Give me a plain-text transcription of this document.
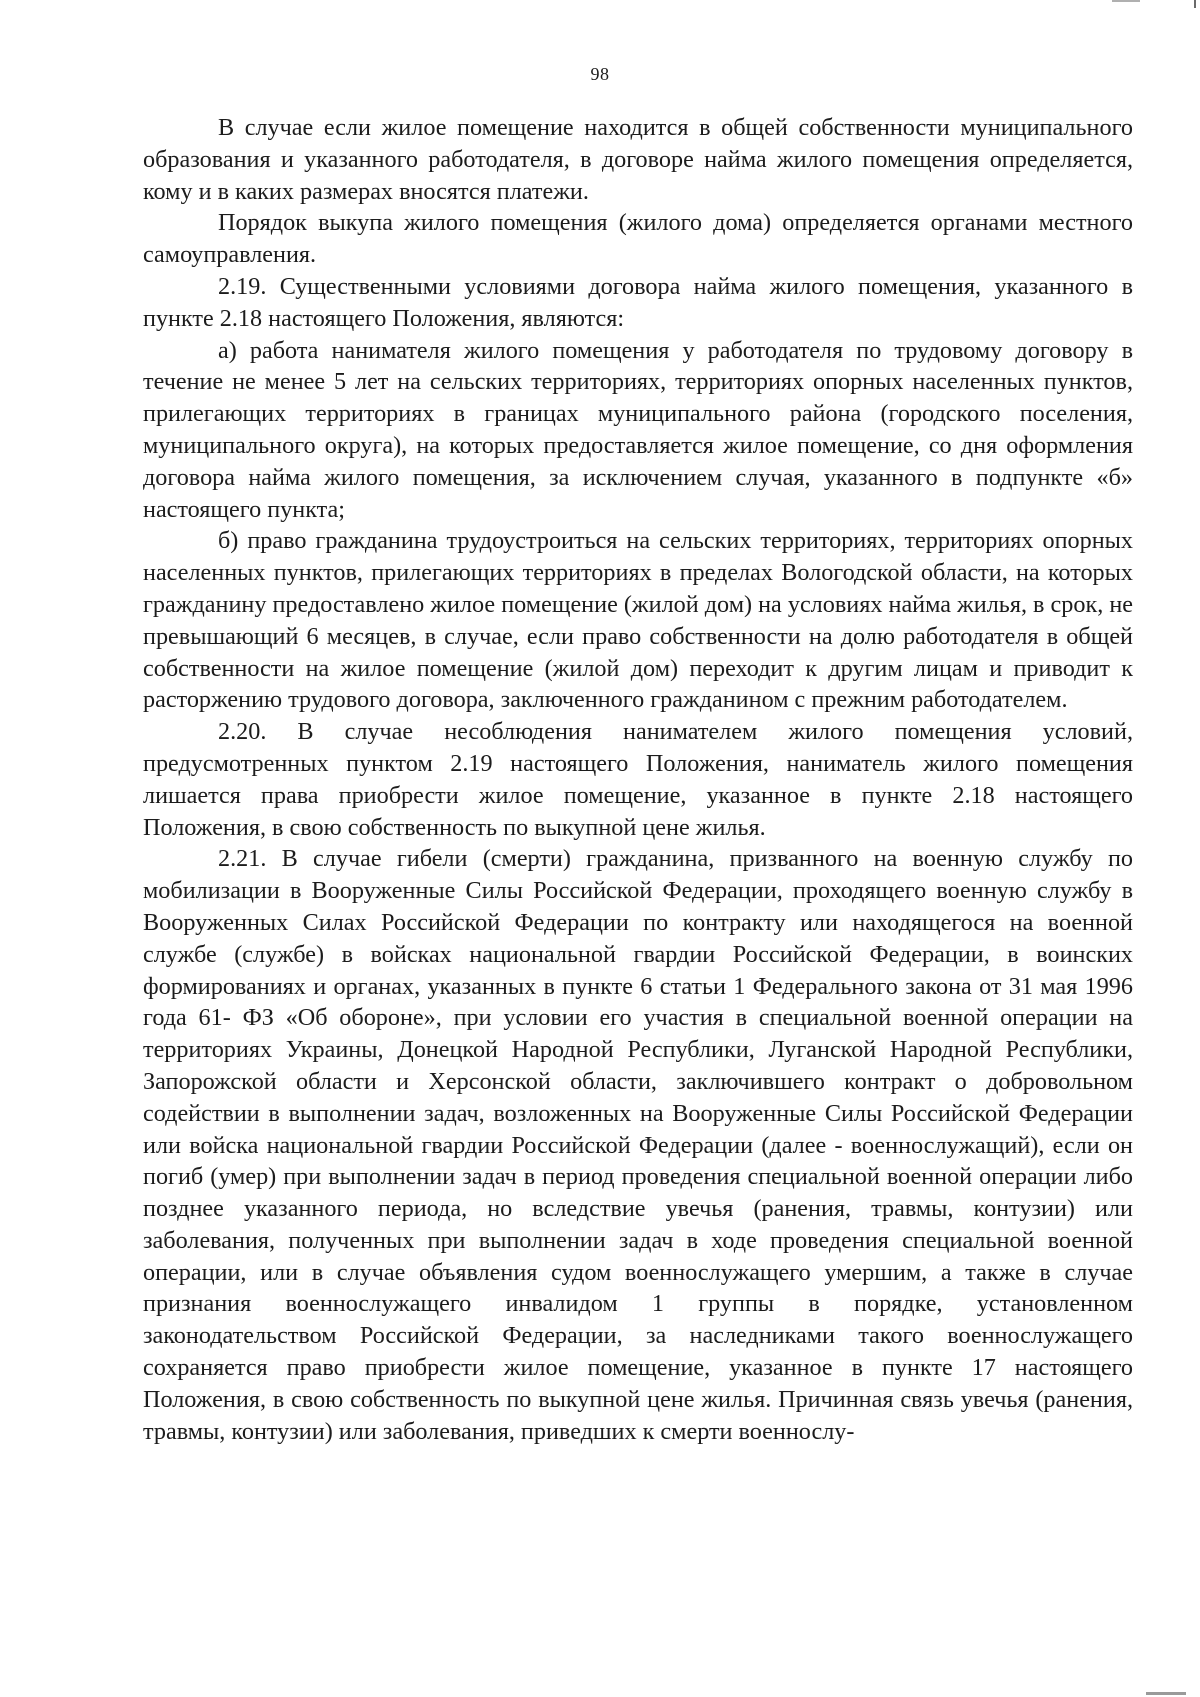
98

В случае если жилое помещение находится в общей собственности муниципального образования и указанного работодателя, в договоре найма жилого помещения определяется, кому и в каких размерах вносятся платежи.

Порядок выкупа жилого помещения (жилого дома) определяется органами местного самоуправления.

2.19. Существенными условиями договора найма жилого помещения, указанного в пункте 2.18 настоящего Положения, являются:

а) работа нанимателя жилого помещения у работодателя по трудовому договору в течение не менее 5 лет на сельских территориях, территориях опорных населенных пунктов, прилегающих территориях в границах муниципального района (городского поселения, муниципального округа), на которых предоставляется жилое помещение, со дня оформления договора найма жилого помещения, за исключением случая, указанного в подпункте «б» настоящего пункта;

б) право гражданина трудоустроиться на сельских территориях, территориях опорных населенных пунктов, прилегающих территориях в пределах Вологодской области, на которых гражданину предоставлено жилое помещение (жилой дом) на условиях найма жилья, в срок, не превышающий 6 месяцев, в случае, если право собственности на долю работодателя в общей собственности на жилое помещение (жилой дом) переходит к другим лицам и приводит к расторжению трудового договора, заключенного гражданином с прежним работодателем.

2.20. В случае несоблюдения нанимателем жилого помещения условий, предусмотренных пунктом 2.19 настоящего Положения, наниматель жилого помещения лишается права приобрести жилое помещение, указанное в пункте 2.18 настоящего Положения, в свою собственность по выкупной цене жилья.

2.21. В случае гибели (смерти) гражданина, призванного на военную службу по мобилизации в Вооруженные Силы Российской Федерации, проходящего военную службу в Вооруженных Силах Российской Федерации по контракту или находящегося на военной службе (службе) в войсках национальной гвардии Российской Федерации, в воинских формированиях и органах, указанных в пункте 6 статьи 1 Федерального закона от 31 мая 1996 года 61- ФЗ «Об обороне», при условии его участия в специальной военной операции на территориях Украины, Донецкой Народной Республики, Луганской Народной Республики, Запорожской области и Херсонской области, заключившего контракт о добровольном содействии в выполнении задач, возложенных на Вооруженные Силы Российской Федерации или войска национальной гвардии Российской Федерации (далее - военнослужащий), если он погиб (умер) при выполнении задач в период проведения специальной военной операции либо позднее указанного периода, но вследствие увечья (ранения, травмы, контузии) или заболевания, полученных при выполнении задач в ходе проведения специальной военной операции, или в случае объявления судом военнослужащего умершим, а также в случае признания военнослужащего инвалидом 1 группы в порядке, установленном законодательством Российской Федерации, за наследниками такого военнослужащего сохраняется право приобрести жилое помещение, указанное в пункте 17 настоящего Положения, в свою собственность по выкупной цене жилья. Причинная связь увечья (ранения, травмы, контузии) или заболевания, приведших к смерти военнослу-
